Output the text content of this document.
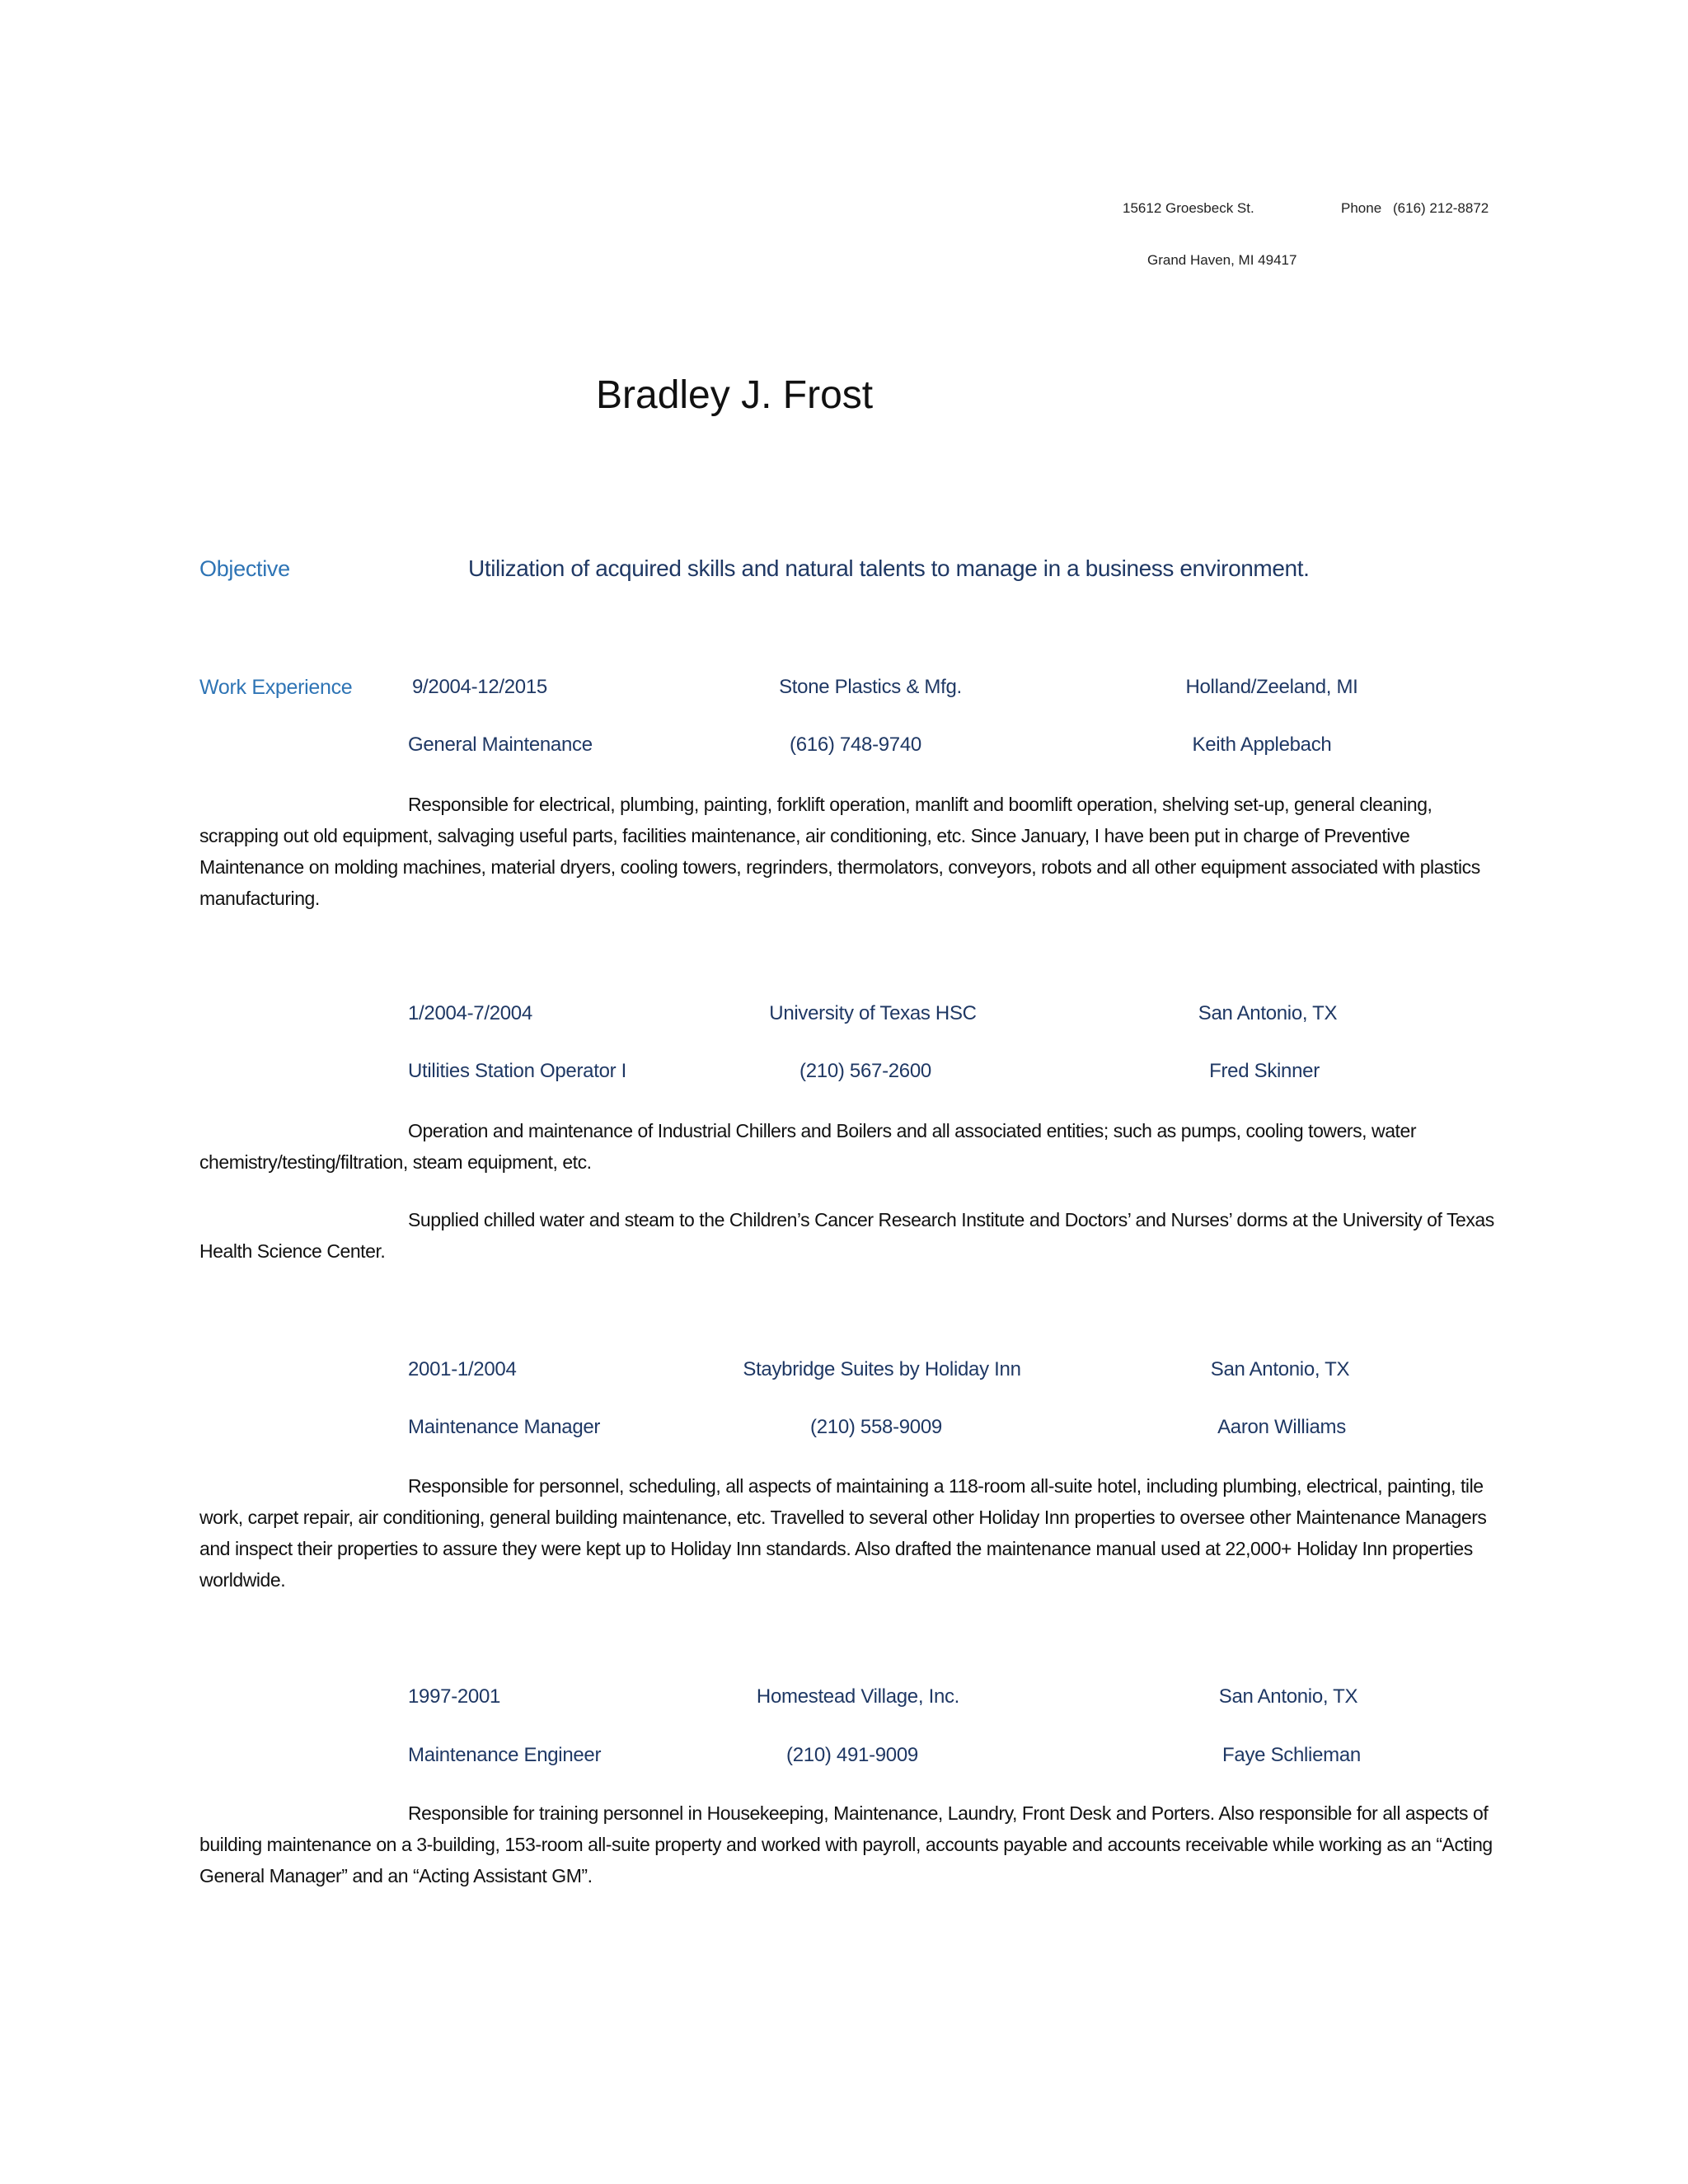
15612 Groesbeck St.	Phone (616) 212-8872
Grand Haven, MI 49417
Bradley J. Frost
Objective	Utilization of acquired skills and natural talents to manage in a business environment.
Work Experience	9/2004-12/2015	Stone Plastics & Mfg.	Holland/Zeeland, MI
General Maintenance	(616) 748-9740	Keith Applebach

Responsible for electrical, plumbing, painting, forklift operation, manlift and boomlift operation, shelving set-up, general cleaning, scrapping out old equipment, salvaging useful parts, facilities maintenance, air conditioning, etc. Since January, I have been put in charge of Preventive Maintenance on molding machines, material dryers, cooling towers, regrinders, thermolators, conveyors, robots and all other equipment associated with plastics manufacturing.

1/2004-7/2004	University of Texas HSC	San Antonio, TX
Utilities Station Operator I	(210) 567-2600	Fred Skinner

Operation and maintenance of Industrial Chillers and Boilers and all associated entities; such as pumps, cooling towers, water chemistry/testing/filtration, steam equipment, etc.

Supplied chilled water and steam to the Children’s Cancer Research Institute and Doctors’ and Nurses’ dorms at the University of Texas Health Science Center.

2001-1/2004	Staybridge Suites by Holiday Inn	San Antonio, TX
Maintenance Manager	(210) 558-9009	Aaron Williams

Responsible for personnel, scheduling, all aspects of maintaining a 118-room all-suite hotel, including plumbing, electrical, painting, tile work, carpet repair, air conditioning, general building maintenance, etc. Travelled to several other Holiday Inn properties to oversee other Maintenance Managers and inspect their properties to assure they were kept up to Holiday Inn standards. Also drafted the maintenance manual used at 22,000+ Holiday Inn properties worldwide.

1997-2001	Homestead Village, Inc.	San Antonio, TX
Maintenance Engineer	(210) 491-9009	Faye Schlieman

Responsible for training personnel in Housekeeping, Maintenance, Laundry, Front Desk and Porters. Also responsible for all aspects of building maintenance on a 3-building, 153-room all-suite property and worked with payroll, accounts payable and accounts receivable while working as an “Acting General Manager” and an “Acting Assistant GM”.
